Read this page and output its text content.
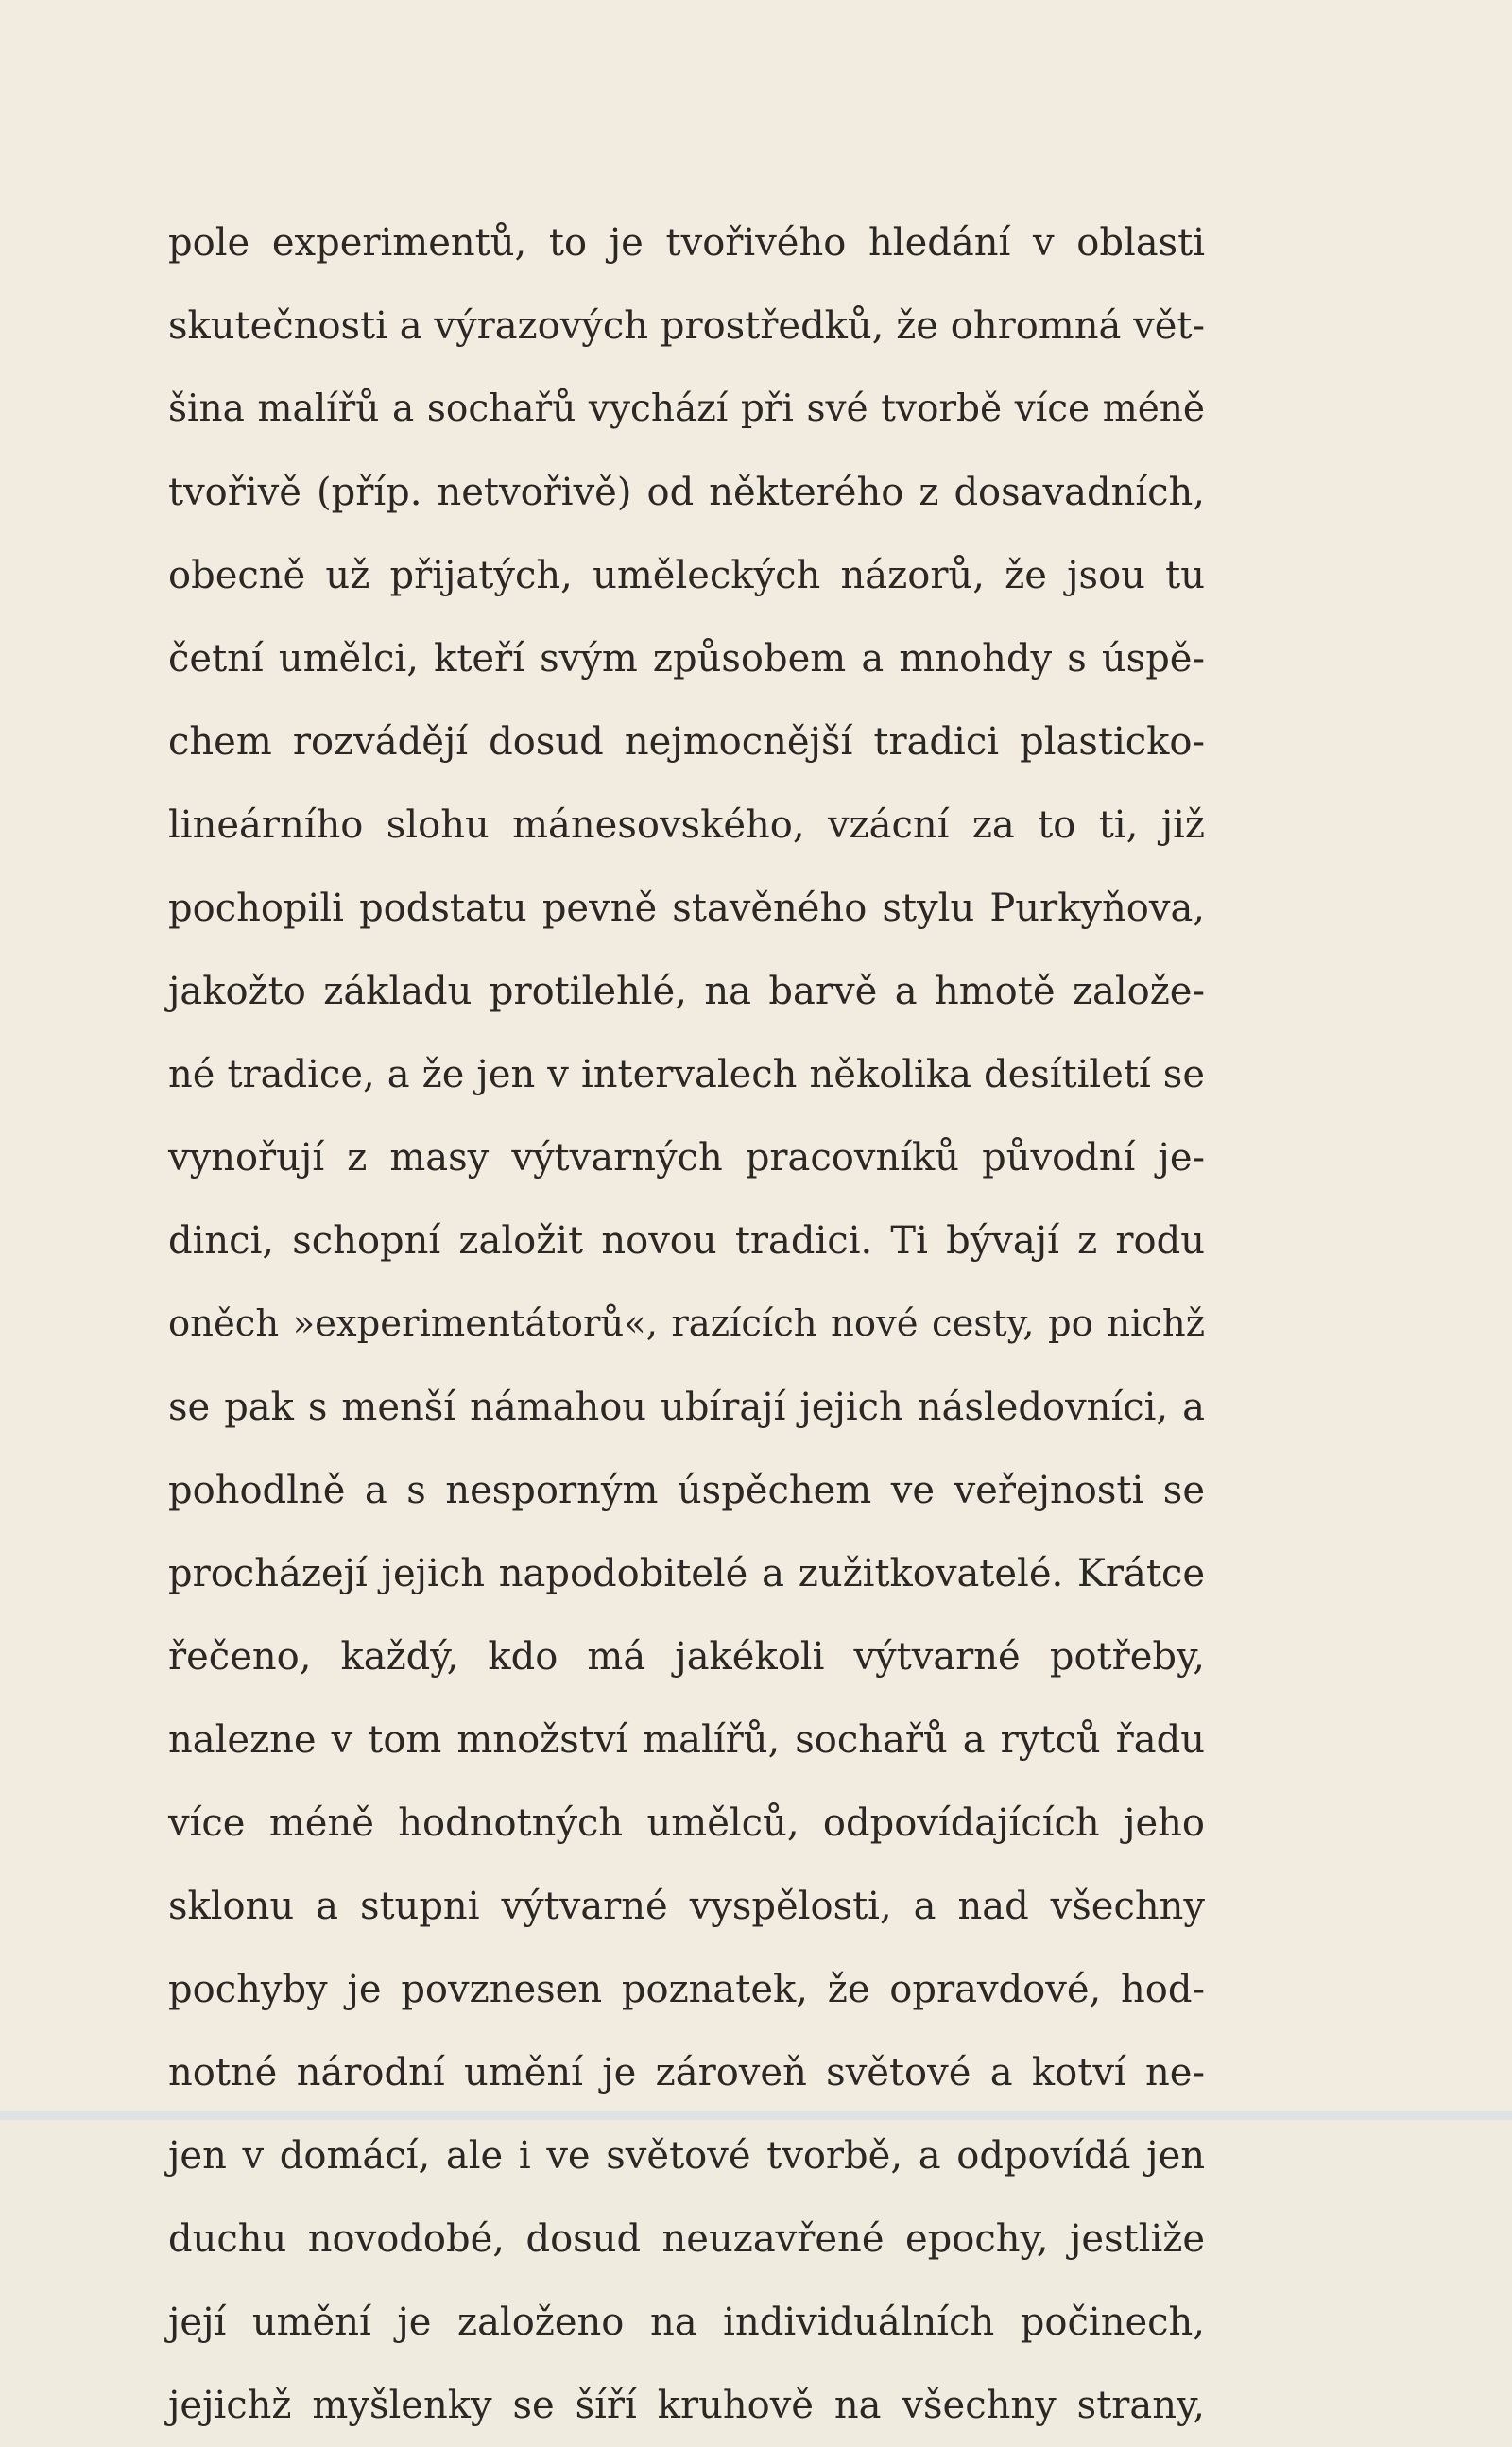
pole experimentů, to je tvořivého hledání v oblasti
skutečnosti a výrazových prostředků, že ohromná vět-
šina malířů a sochařů vychází při své tvorbě více méně
tvořivě (příp. netvořivě) od některého z dosavadních,
obecně už přijatých, uměleckých názorů, že jsou tu
četní umělci, kteří svým způsobem a mnohdy s úspě-
chem rozvádějí dosud nejmocnější tradici plasticko-
lineárního slohu mánesovského, vzácní za to ti, již
pochopili podstatu pevně stavěného stylu Purkyňova,
jakožto základu protilehlé, na barvě a hmotě založe-
né tradice, a že jen v intervalech několika desítiletí se
vynořují z masy výtvarných pracovníků původní je-
dinci, schopní založit novou tradici. Ti bývají z rodu
oněch »experimentátorů«, razících nové cesty, po nichž
se pak s menší námahou ubírají jejich následovníci, a
pohodlně a s nesporným úspěchem ve veřejnosti se
procházejí jejich napodobitelé a zužitkovatelé. Krátce
řečeno, každý, kdo má jakékoli výtvarné potřeby,
nalezne v tom množství malířů, sochařů a rytců řadu
více méně hodnotných umělců, odpovídajících jeho
sklonu a stupni výtvarné vyspělosti, a nad všechny
pochyby je povznesen poznatek, že opravdové, hod-
notné národní umění je zároveň světové a kotví ne-
jen v domácí, ale i ve světové tvorbě, a odpovídá jen
duchu novodobé, dosud neuzavřené epochy, jestliže
její umění je založeno na individuálních počinech,
jejichž myšlenky se šíří kruhově na všechny strany,
